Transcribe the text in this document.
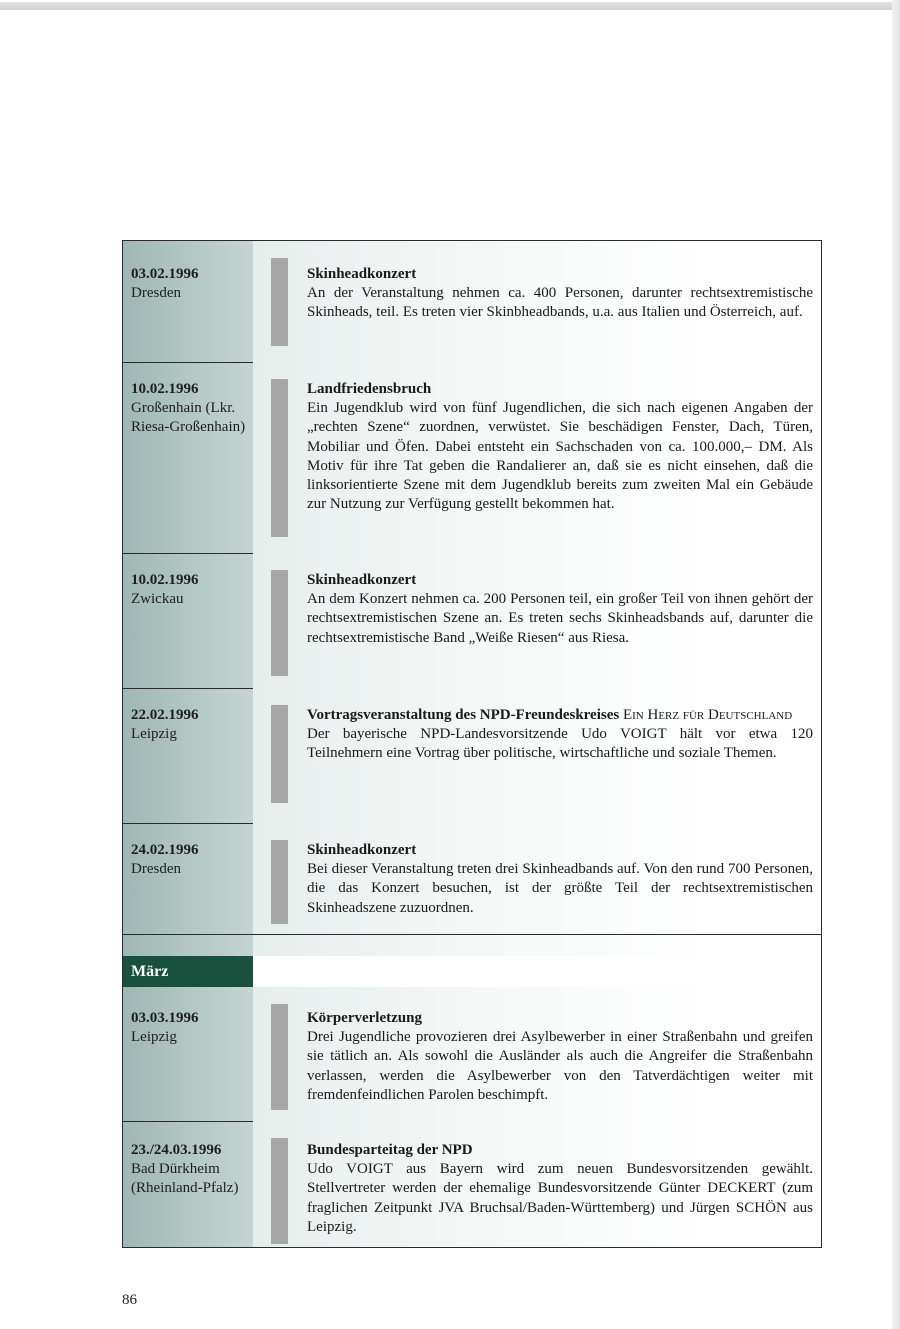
03.02.1996
Dresden
Skinheadkonzert
An der Veranstaltung nehmen ca. 400 Personen, darunter rechtsextremistische Skinheads, teil. Es treten vier Skinbheadbands, u.a. aus Italien und Österreich, auf.
10.02.1996
Großenhain (Lkr. Riesa-Großenhain)
Landfriedensbruch
Ein Jugendklub wird von fünf Jugendlichen, die sich nach eigenen Angaben der „rechten Szene“ zuordnen, verwüstet. Sie beschädigen Fenster, Dach, Türen, Mobiliar und Öfen. Dabei entsteht ein Sachschaden von ca. 100.000,– DM. Als Motiv für ihre Tat geben die Randalierer an, daß sie es nicht einsehen, daß die linksorientierte Szene mit dem Jugendklub bereits zum zweiten Mal ein Gebäude zur Nutzung zur Verfügung gestellt bekommen hat.
10.02.1996
Zwickau
Skinheadkonzert
An dem Konzert nehmen ca. 200 Personen teil, ein großer Teil von ihnen gehört der rechtsextremistischen Szene an. Es treten sechs Skinheadsbands auf, darunter die rechtsextremistische Band „Weiße Riesen“ aus Riesa.
22.02.1996
Leipzig
Vortragsveranstaltung des NPD-Freundeskreises Ein Herz für Deutschland
Der bayerische NPD-Landesvorsitzende Udo VOIGT hält vor etwa 120 Teilnehmern eine Vortrag über politische, wirtschaftliche und soziale Themen.
24.02.1996
Dresden
Skinheadkonzert
Bei dieser Veranstaltung treten drei Skinheadbands auf. Von den rund 700 Personen, die das Konzert besuchen, ist der größte Teil der rechtsextremistischen Skinheadszene zuzuordnen.
März
03.03.1996
Leipzig
Körperverletzung
Drei Jugendliche provozieren drei Asylbewerber in einer Straßenbahn und greifen sie tätlich an. Als sowohl die Ausländer als auch die Angreifer die Straßenbahn verlassen, werden die Asylbewerber von den Tatverdächtigen weiter mit fremdenfeindlichen Parolen beschimpft.
23./24.03.1996
Bad Dürkheim (Rheinland-Pfalz)
Bundesparteitag der NPD
Udo VOIGT aus Bayern wird zum neuen Bundesvorsitzenden gewählt. Stellvertreter werden der ehemalige Bundesvorsitzende Günter DECKERT (zum fraglichen Zeitpunkt JVA Bruchsal/Baden-Württemberg) und Jürgen SCHÖN aus Leipzig.
86
